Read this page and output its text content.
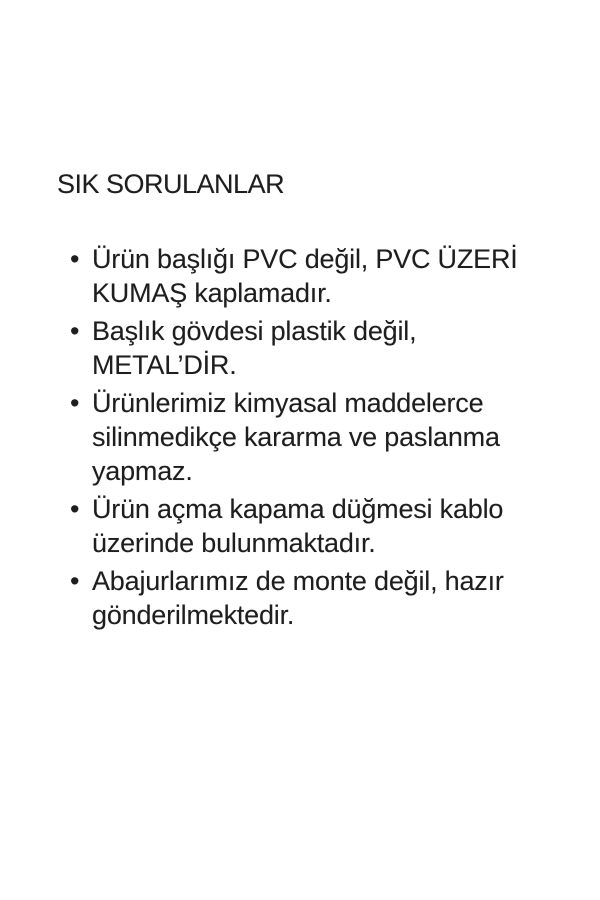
SIK SORULANLAR
• Ürün başlığı PVC değil, PVC ÜZERİ KUMAŞ kaplamadır.
• Başlık gövdesi plastik değil, METAL’DİR.
• Ürünlerimiz kimyasal maddelerce silinmedikçe kararma ve paslanma yapmaz.
• Ürün açma kapama düğmesi kablo üzerinde bulunmaktadır.
• Abajurlarımız de monte değil, hazır gönderilmektedir.
